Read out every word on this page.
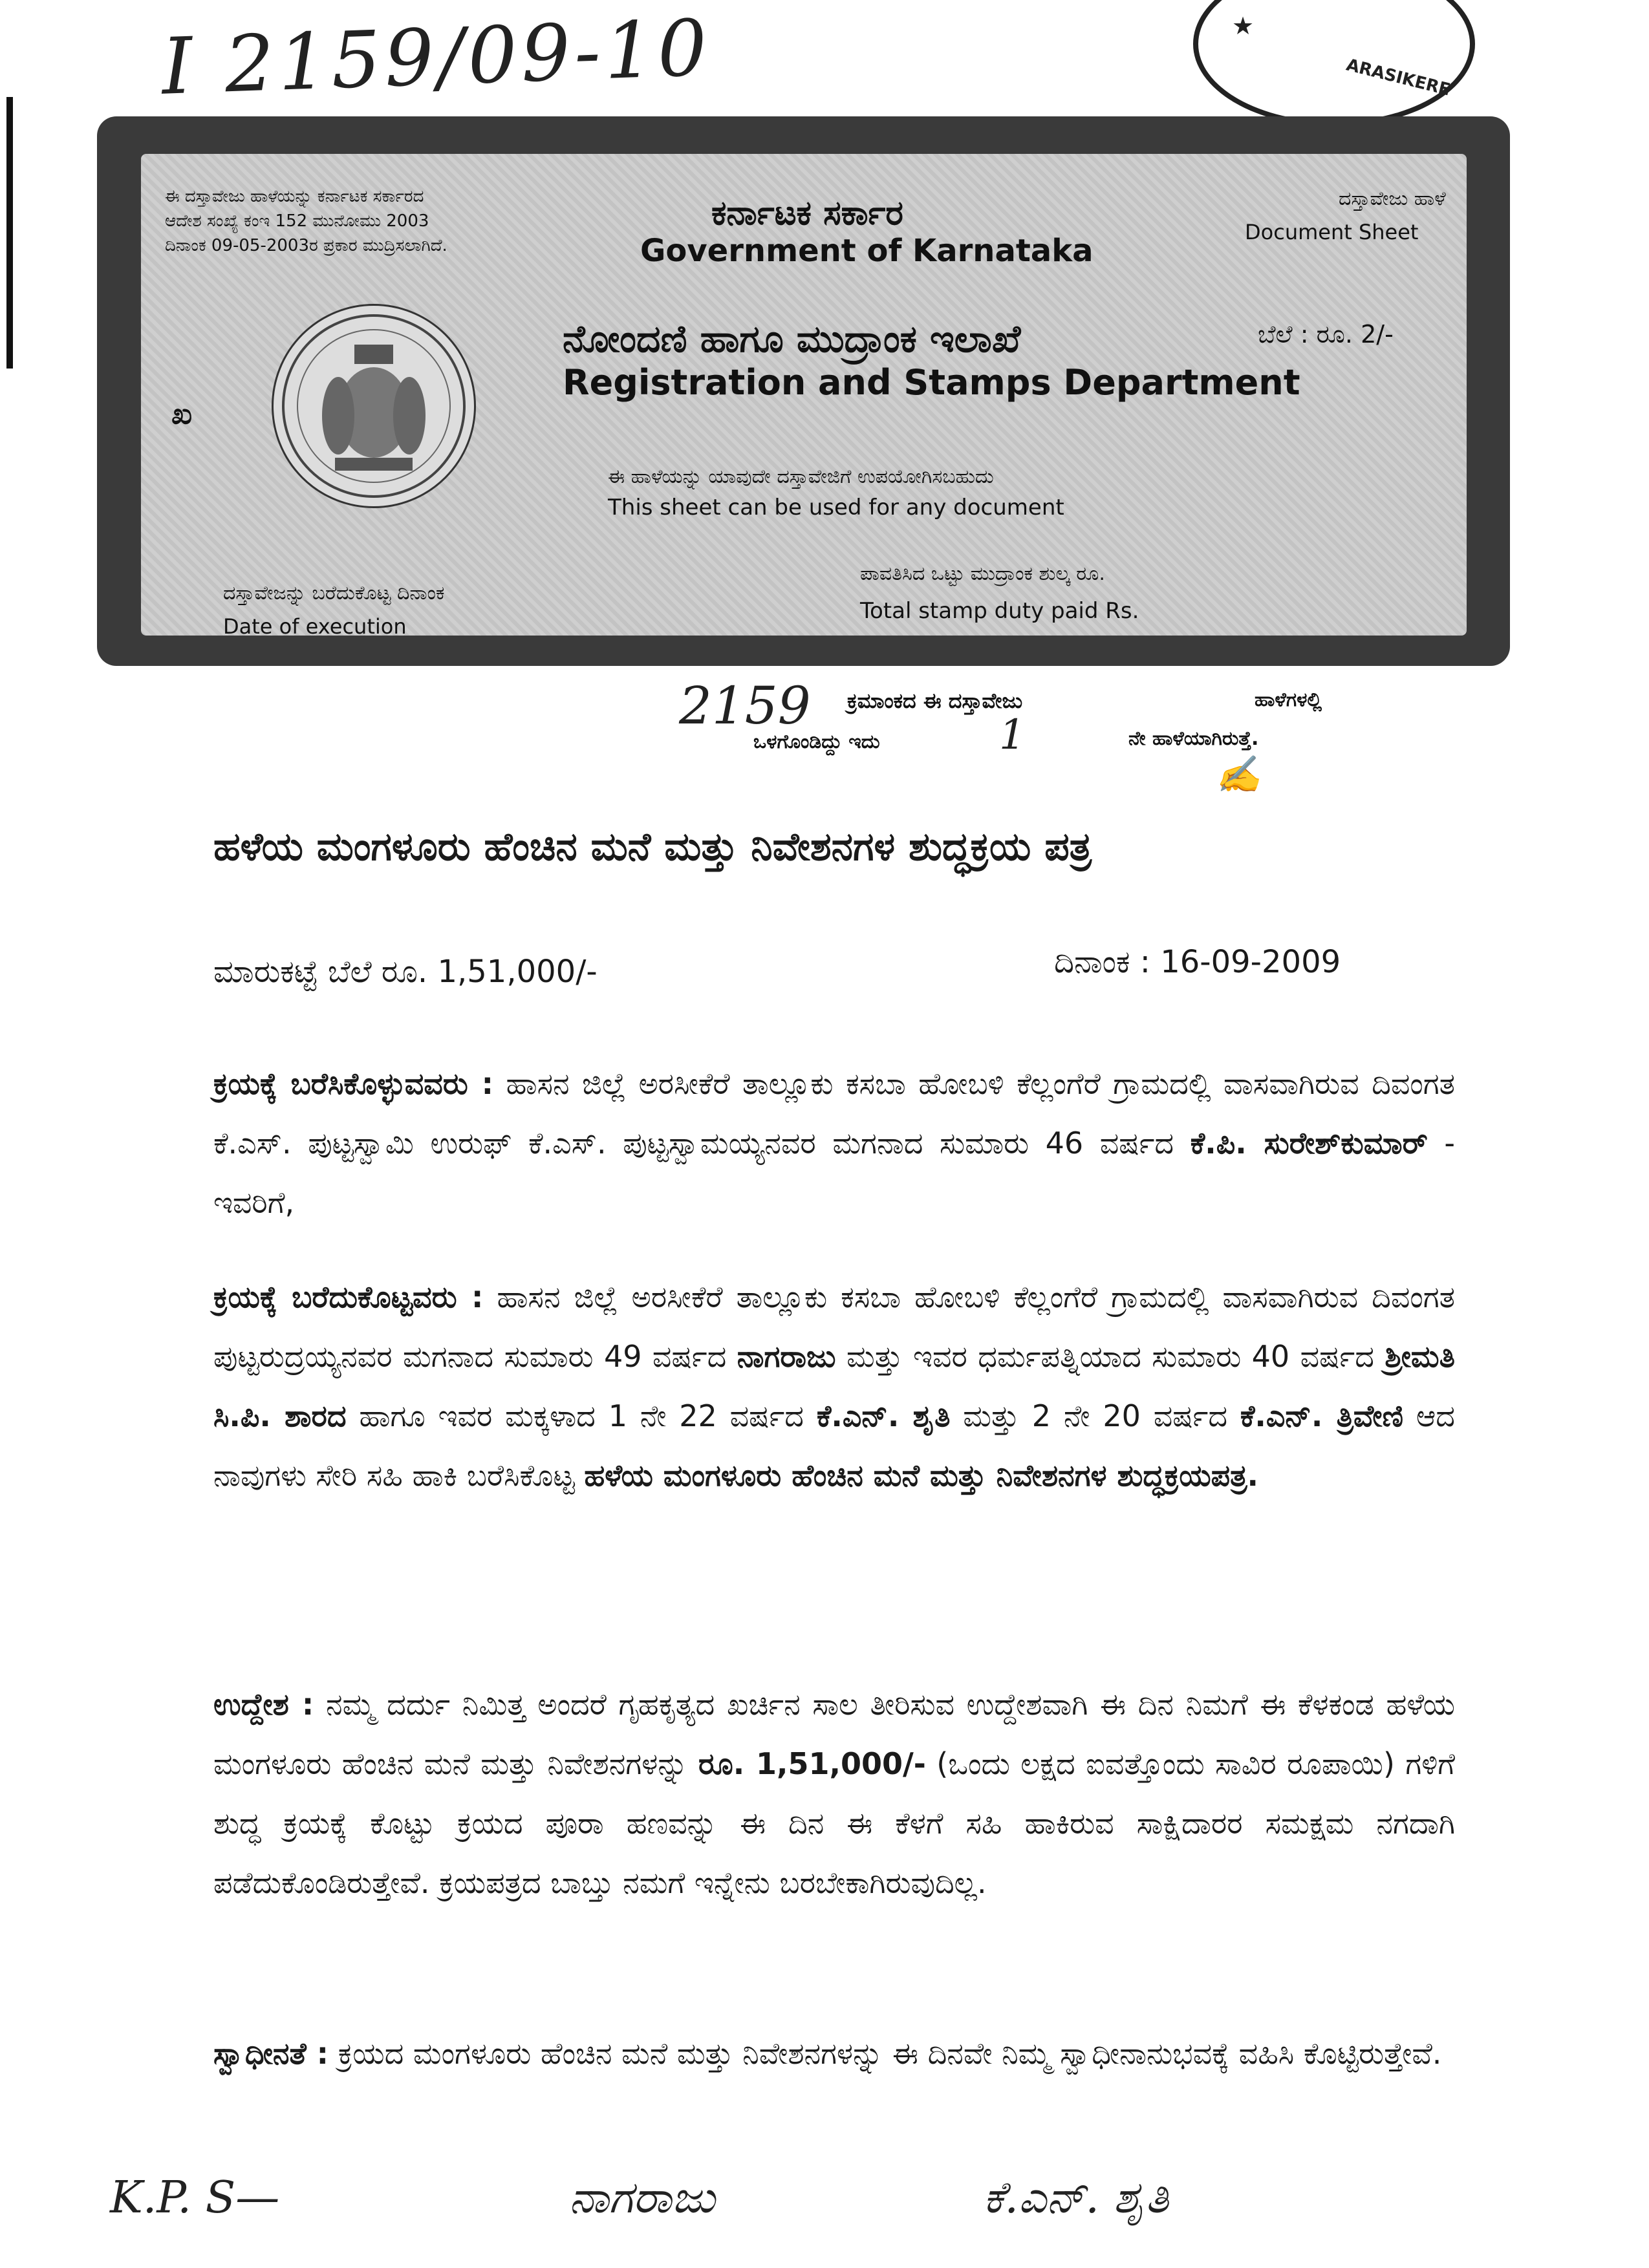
I 2159/09-10	★
ARASIKERE
ಈ ದಸ್ತಾವೇಜು ಹಾಳೆಯನ್ನು ಕರ್ನಾಟಕ ಸರ್ಕಾರದ
ಆದೇಶ ಸಂಖ್ಯೆ ಕಂಇ 152 ಮುನೋಮು 2003
ದಿನಾಂಕ 09-05-2003ರ ಪ್ರಕಾರ ಮುದ್ರಿಸಲಾಗಿದೆ.
ಕರ್ನಾಟಕ ಸರ್ಕಾರ
Government of Karnataka
ದಸ್ತಾವೇಜು ಹಾಳೆ
Document Sheet
ಖ
ನೋಂದಣಿ ಹಾಗೂ ಮುದ್ರಾಂಕ ಇಲಾಖೆ
Registration and Stamps Department
ಬೆಲೆ : ರೂ. 2/-
ಈ ಹಾಳೆಯನ್ನು ಯಾವುದೇ ದಸ್ತಾವೇಜಿಗೆ ಉಪಯೋಗಿಸಬಹುದು
This sheet can be used for any document
ದಸ್ತಾವೇಜನ್ನು ಬರೆದುಕೊಟ್ಟ ದಿನಾಂಕ
Date of execution
ಪಾವತಿಸಿದ ಒಟ್ಟು ಮುದ್ರಾಂಕ ಶುಲ್ಕ ರೂ.
Total stamp duty paid Rs.
2159 ಕ್ರಮಾಂಕದ ಈ ದಸ್ತಾವೇಜು	ಹಾಳೆಗಳಲ್ಲಿ
ಒಳಗೊಂಡಿದ್ದು ಇದು	1	ನೇ ಹಾಳೆಯಾಗಿರುತ್ತೆ.
✍
ಹಳೆಯ ಮಂಗಳೂರು ಹೆಂಚಿನ ಮನೆ ಮತ್ತು ನಿವೇಶನಗಳ ಶುದ್ಧಕ್ರಯ ಪತ್ರ
ಮಾರುಕಟ್ಟೆ ಬೆಲೆ ರೂ. 1,51,000/-	ದಿನಾಂಕ : 16-09-2009
ಕ್ರಯಕ್ಕೆ ಬರೆಸಿಕೊಳ್ಳುವವರು : ಹಾಸನ ಜಿಲ್ಲೆ ಅರಸೀಕೆರೆ ತಾಲ್ಲೂಕು ಕಸಬಾ ಹೋಬಳಿ ಕೆಲ್ಲಂಗೆರೆ ಗ್ರಾಮದಲ್ಲಿ ವಾಸವಾಗಿರುವ ದಿವಂಗತ ಕೆ.ಎಸ್. ಪುಟ್ಟಸ್ವಾಮಿ ಉರುಫ್ ಕೆ.ಎಸ್. ಪುಟ್ಟಸ್ವಾಮಯ್ಯನವರ ಮಗನಾದ ಸುಮಾರು 46 ವರ್ಷದ ಕೆ.ಪಿ. ಸುರೇಶ್‌ಕುಮಾರ್ - ಇವರಿಗೆ,
ಕ್ರಯಕ್ಕೆ ಬರೆದುಕೊಟ್ಟವರು : ಹಾಸನ ಜಿಲ್ಲೆ ಅರಸೀಕೆರೆ ತಾಲ್ಲೂಕು ಕಸಬಾ ಹೋಬಳಿ ಕೆಲ್ಲಂಗೆರೆ ಗ್ರಾಮದಲ್ಲಿ ವಾಸವಾಗಿರುವ ದಿವಂಗತ ಪುಟ್ಟರುದ್ರಯ್ಯನವರ ಮಗನಾದ ಸುಮಾರು 49 ವರ್ಷದ ನಾಗರಾಜು ಮತ್ತು ಇವರ ಧರ್ಮಪತ್ನಿಯಾದ ಸುಮಾರು 40 ವರ್ಷದ ಶ್ರೀಮತಿ ಸಿ.ಪಿ. ಶಾರದ ಹಾಗೂ ಇವರ ಮಕ್ಕಳಾದ 1 ನೇ 22 ವರ್ಷದ ಕೆ.ಎನ್. ಶೃತಿ ಮತ್ತು 2 ನೇ 20 ವರ್ಷದ ಕೆ.ಎನ್. ತ್ರಿವೇಣಿ ಆದ ನಾವುಗಳು ಸೇರಿ ಸಹಿ ಹಾಕಿ ಬರೆಸಿಕೊಟ್ಟ ಹಳೆಯ ಮಂಗಳೂರು ಹೆಂಚಿನ ಮನೆ ಮತ್ತು ನಿವೇಶನಗಳ ಶುದ್ಧಕ್ರಯಪತ್ರ.
ಉದ್ದೇಶ : ನಮ್ಮ ದರ್ದು ನಿಮಿತ್ತ ಅಂದರೆ ಗೃಹಕೃತ್ಯದ ಖರ್ಚಿನ ಸಾಲ ತೀರಿಸುವ ಉದ್ದೇಶವಾಗಿ ಈ ದಿನ ನಿಮಗೆ ಈ ಕೆಳಕಂಡ ಹಳೆಯ ಮಂಗಳೂರು ಹೆಂಚಿನ ಮನೆ ಮತ್ತು ನಿವೇಶನಗಳನ್ನು ರೂ. 1,51,000/- (ಒಂದು ಲಕ್ಷದ ಐವತ್ತೊಂದು ಸಾವಿರ ರೂಪಾಯಿ) ಗಳಿಗೆ ಶುದ್ಧ ಕ್ರಯಕ್ಕೆ ಕೊಟ್ಟು ಕ್ರಯದ ಪೂರಾ ಹಣವನ್ನು ಈ ದಿನ ಈ ಕೆಳಗೆ ಸಹಿ ಹಾಕಿರುವ ಸಾಕ್ಷಿದಾರರ ಸಮಕ್ಷಮ ನಗದಾಗಿ ಪಡೆದುಕೊಂಡಿರುತ್ತೇವೆ. ಕ್ರಯಪತ್ರದ ಬಾಬ್ತು ನಮಗೆ ಇನ್ನೇನು ಬರಬೇಕಾಗಿರುವುದಿಲ್ಲ.
ಸ್ವಾಧೀನತೆ : ಕ್ರಯದ ಮಂಗಳೂರು ಹೆಂಚಿನ ಮನೆ ಮತ್ತು ನಿವೇಶನಗಳನ್ನು ಈ ದಿನವೇ ನಿಮ್ಮ ಸ್ವಾಧೀನಾನುಭವಕ್ಕೆ ವಹಿಸಿ ಕೊಟ್ಟಿರುತ್ತೇವೆ.
K.P. S—	ನಾಗರಾಜು	ಕೆ.ಎನ್. ಶೃತಿ
